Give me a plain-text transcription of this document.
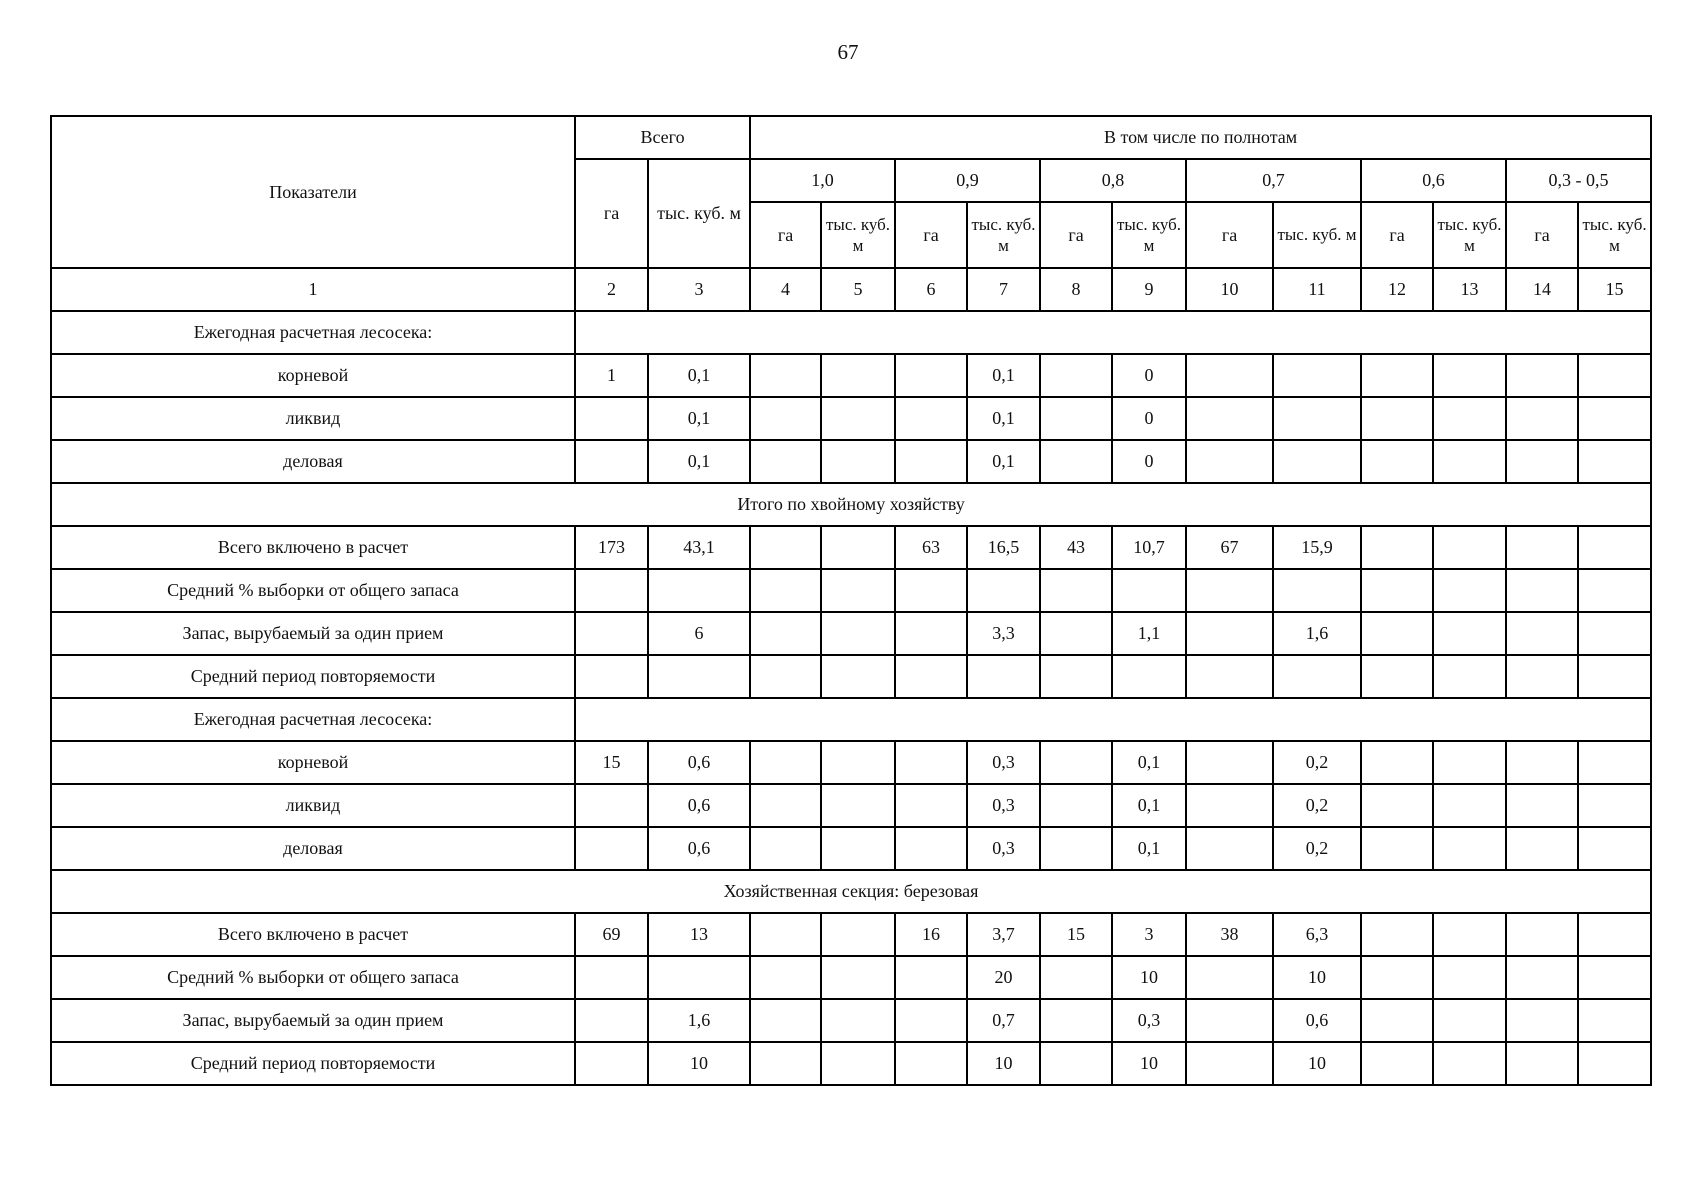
67
Показатели	Всего		В том числе по полнотам											
	га	тыс. куб. м	1,0		0,9		0,8		0,7		0,6		0,3 - 0,5	
			га	тыс. куб. м	га	тыс. куб. м	га	тыс. куб. м	га	тыс. куб. м	га	тыс. куб. м	га	тыс. куб. м
1	2	3	4	5	6	7	8	9	10	11	12	13	14	15
Ежегодная расчетная лесосека:														
корневой	1	0,1				0,1		0						
ликвид		0,1				0,1		0						
деловая		0,1				0,1		0						
Итого по хвойному хозяйству														
Всего включено в расчет	173	43,1			63	16,5	43	10,7	67	15,9				
Средний % выборки от общего запаса														
Запас, вырубаемый за один прием		6				3,3		1,1		1,6				
Средний период повторяемости														
Ежегодная расчетная лесосека:														
корневой	15	0,6				0,3		0,1		0,2				
ликвид		0,6				0,3		0,1		0,2				
деловая		0,6				0,3		0,1		0,2				
Хозяйственная секция: березовая														
Всего включено в расчет	69	13			16	3,7	15	3	38	6,3				
Средний % выборки от общего запаса						20		10		10				
Запас, вырубаемый за один прием		1,6				0,7		0,3		0,6				
Средний период повторяемости		10				10		10		10				
